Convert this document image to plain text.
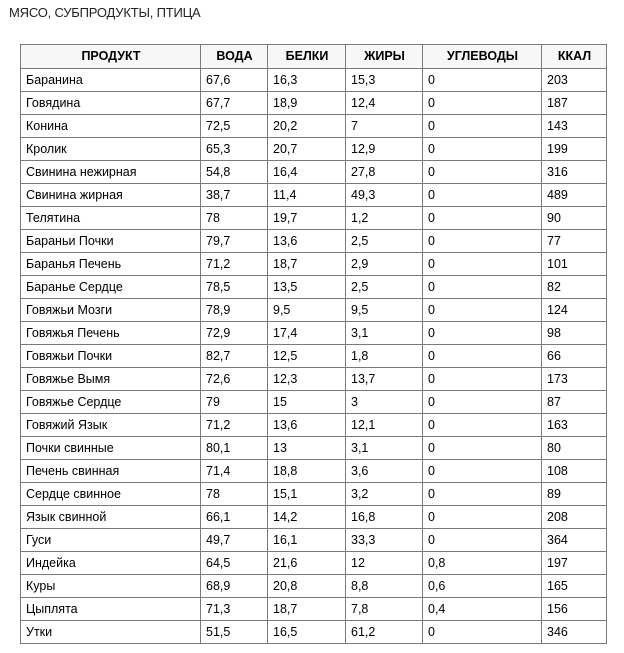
МЯСО, СУБПРОДУКТЫ, ПТИЦА
ПРОДУКТ	ВОДА	БЕЛКИ	ЖИРЫ	УГЛЕВОДЫ	ККАЛ
Баранина	67,6	16,3	15,3	0	203
Говядина	67,7	18,9	12,4	0	187
Конина	72,5	20,2	7	0	143
Кролик	65,3	20,7	12,9	0	199
Свинина нежирная	54,8	16,4	27,8	0	316
Свинина жирная	38,7	11,4	49,3	0	489
Телятина	78	19,7	1,2	0	90
Бараньи Почки	79,7	13,6	2,5	0	77
Баранья Печень	71,2	18,7	2,9	0	101
Баранье Сердце	78,5	13,5	2,5	0	82
Говяжьи Мозги	78,9	9,5	9,5	0	124
Говяжья Печень	72,9	17,4	3,1	0	98
Говяжьи Почки	82,7	12,5	1,8	0	66
Говяжье Вымя	72,6	12,3	13,7	0	173
Говяжье Сердце	79	15	3	0	87
Говяжий Язык	71,2	13,6	12,1	0	163
Почки свинные	80,1	13	3,1	0	80
Печень свинная	71,4	18,8	3,6	0	108
Сердце свинное	78	15,1	3,2	0	89
Язык свинной	66,1	14,2	16,8	0	208
Гуси	49,7	16,1	33,3	0	364
Индейка	64,5	21,6	12	0,8	197
Куры	68,9	20,8	8,8	0,6	165
Цыплята	71,3	18,7	7,8	0,4	156
Утки	51,5	16,5	61,2	0	346
